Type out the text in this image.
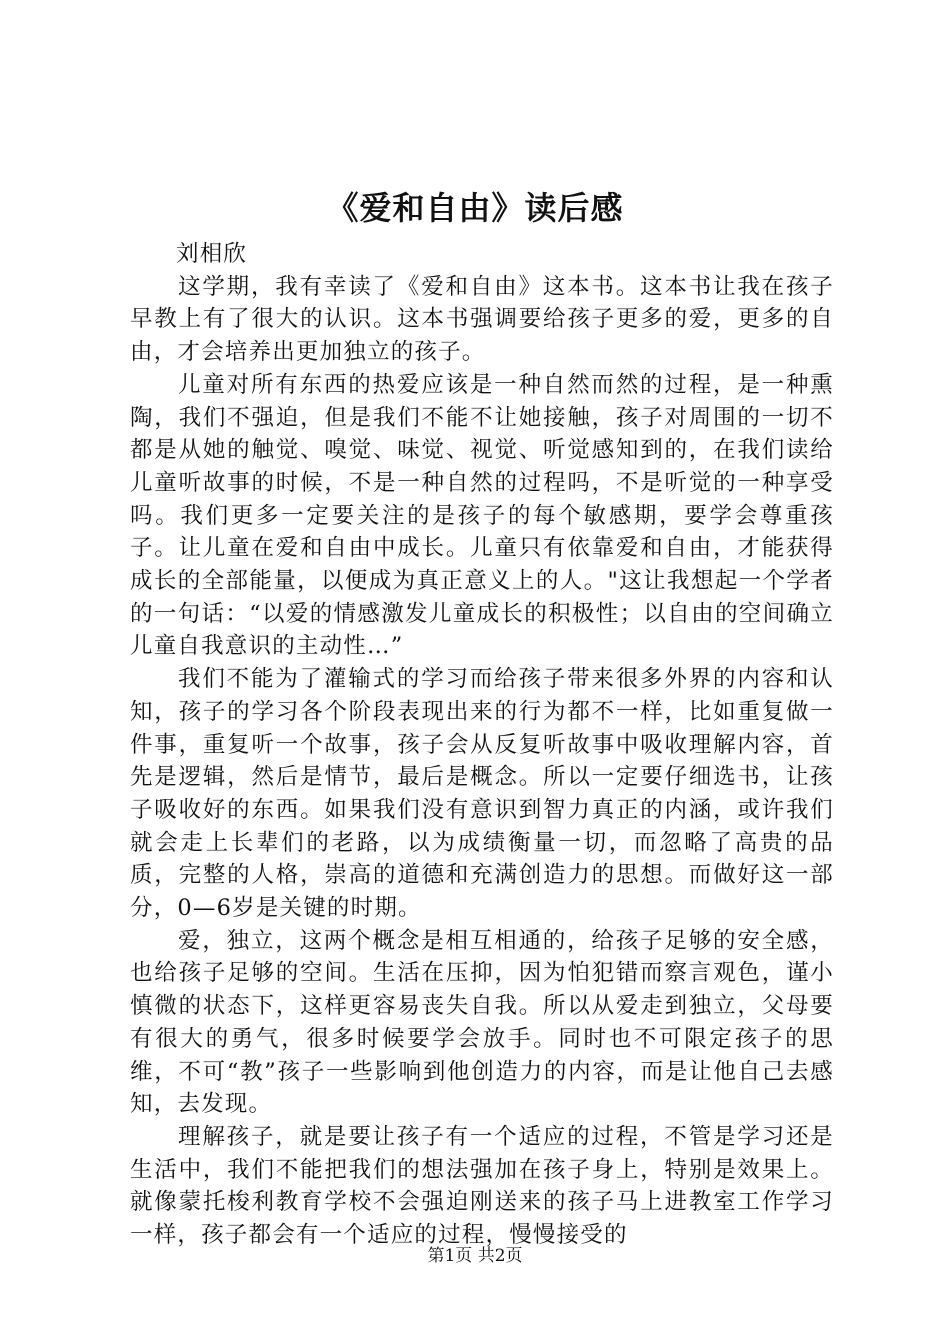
《爱和自由》读后感

刘相欣

这学期，我有幸读了《爱和自由》这本书。这本书让我在孩子早教上有了很大的认识。这本书强调要给孩子更多的爱，更多的自由，才会培养出更加独立的孩子。

儿童对所有东西的热爱应该是一种自然而然的过程，是一种熏陶，我们不强迫，但是我们不能不让她接触，孩子对周围的一切不都是从她的触觉、嗅觉、味觉、视觉、听觉感知到的，在我们读给儿童听故事的时候，不是一种自然的过程吗，不是听觉的一种享受吗。我们更多一定要关注的是孩子的每个敏感期，要学会尊重孩子。让儿童在爱和自由中成长。儿童只有依靠爱和自由，才能获得成长的全部能量，以便成为真正意义上的人。"这让我想起一个学者的一句话：“以爱的情感激发儿童成长的积极性；以自由的空间确立儿童自我意识的主动性…”

我们不能为了灌输式的学习而给孩子带来很多外界的内容和认知，孩子的学习各个阶段表现出来的行为都不一样，比如重复做一件事，重复听一个故事，孩子会从反复听故事中吸收理解内容，首先是逻辑，然后是情节，最后是概念。所以一定要仔细选书，让孩子吸收好的东西。如果我们没有意识到智力真正的内涵，或许我们就会走上长辈们的老路，以为成绩衡量一切，而忽略了高贵的品质，完整的人格，崇高的道德和充满创造力的思想。而做好这一部分，0—6岁是关键的时期。

爱，独立，这两个概念是相互相通的，给孩子足够的安全感，也给孩子足够的空间。生活在压抑，因为怕犯错而察言观色，谨小慎微的状态下，这样更容易丧失自我。所以从爱走到独立，父母要有很大的勇气，很多时候要学会放手。同时也不可限定孩子的思维，不可“教”孩子一些影响到他创造力的内容，而是让他自己去感知，去发现。

理解孩子，就是要让孩子有一个适应的过程，不管是学习还是生活中，我们不能把我们的想法强加在孩子身上，特别是效果上。就像蒙托梭利教育学校不会强迫刚送来的孩子马上进教室工作学习一样，孩子都会有一个适应的过程，慢慢接受的

第1页 共2页
